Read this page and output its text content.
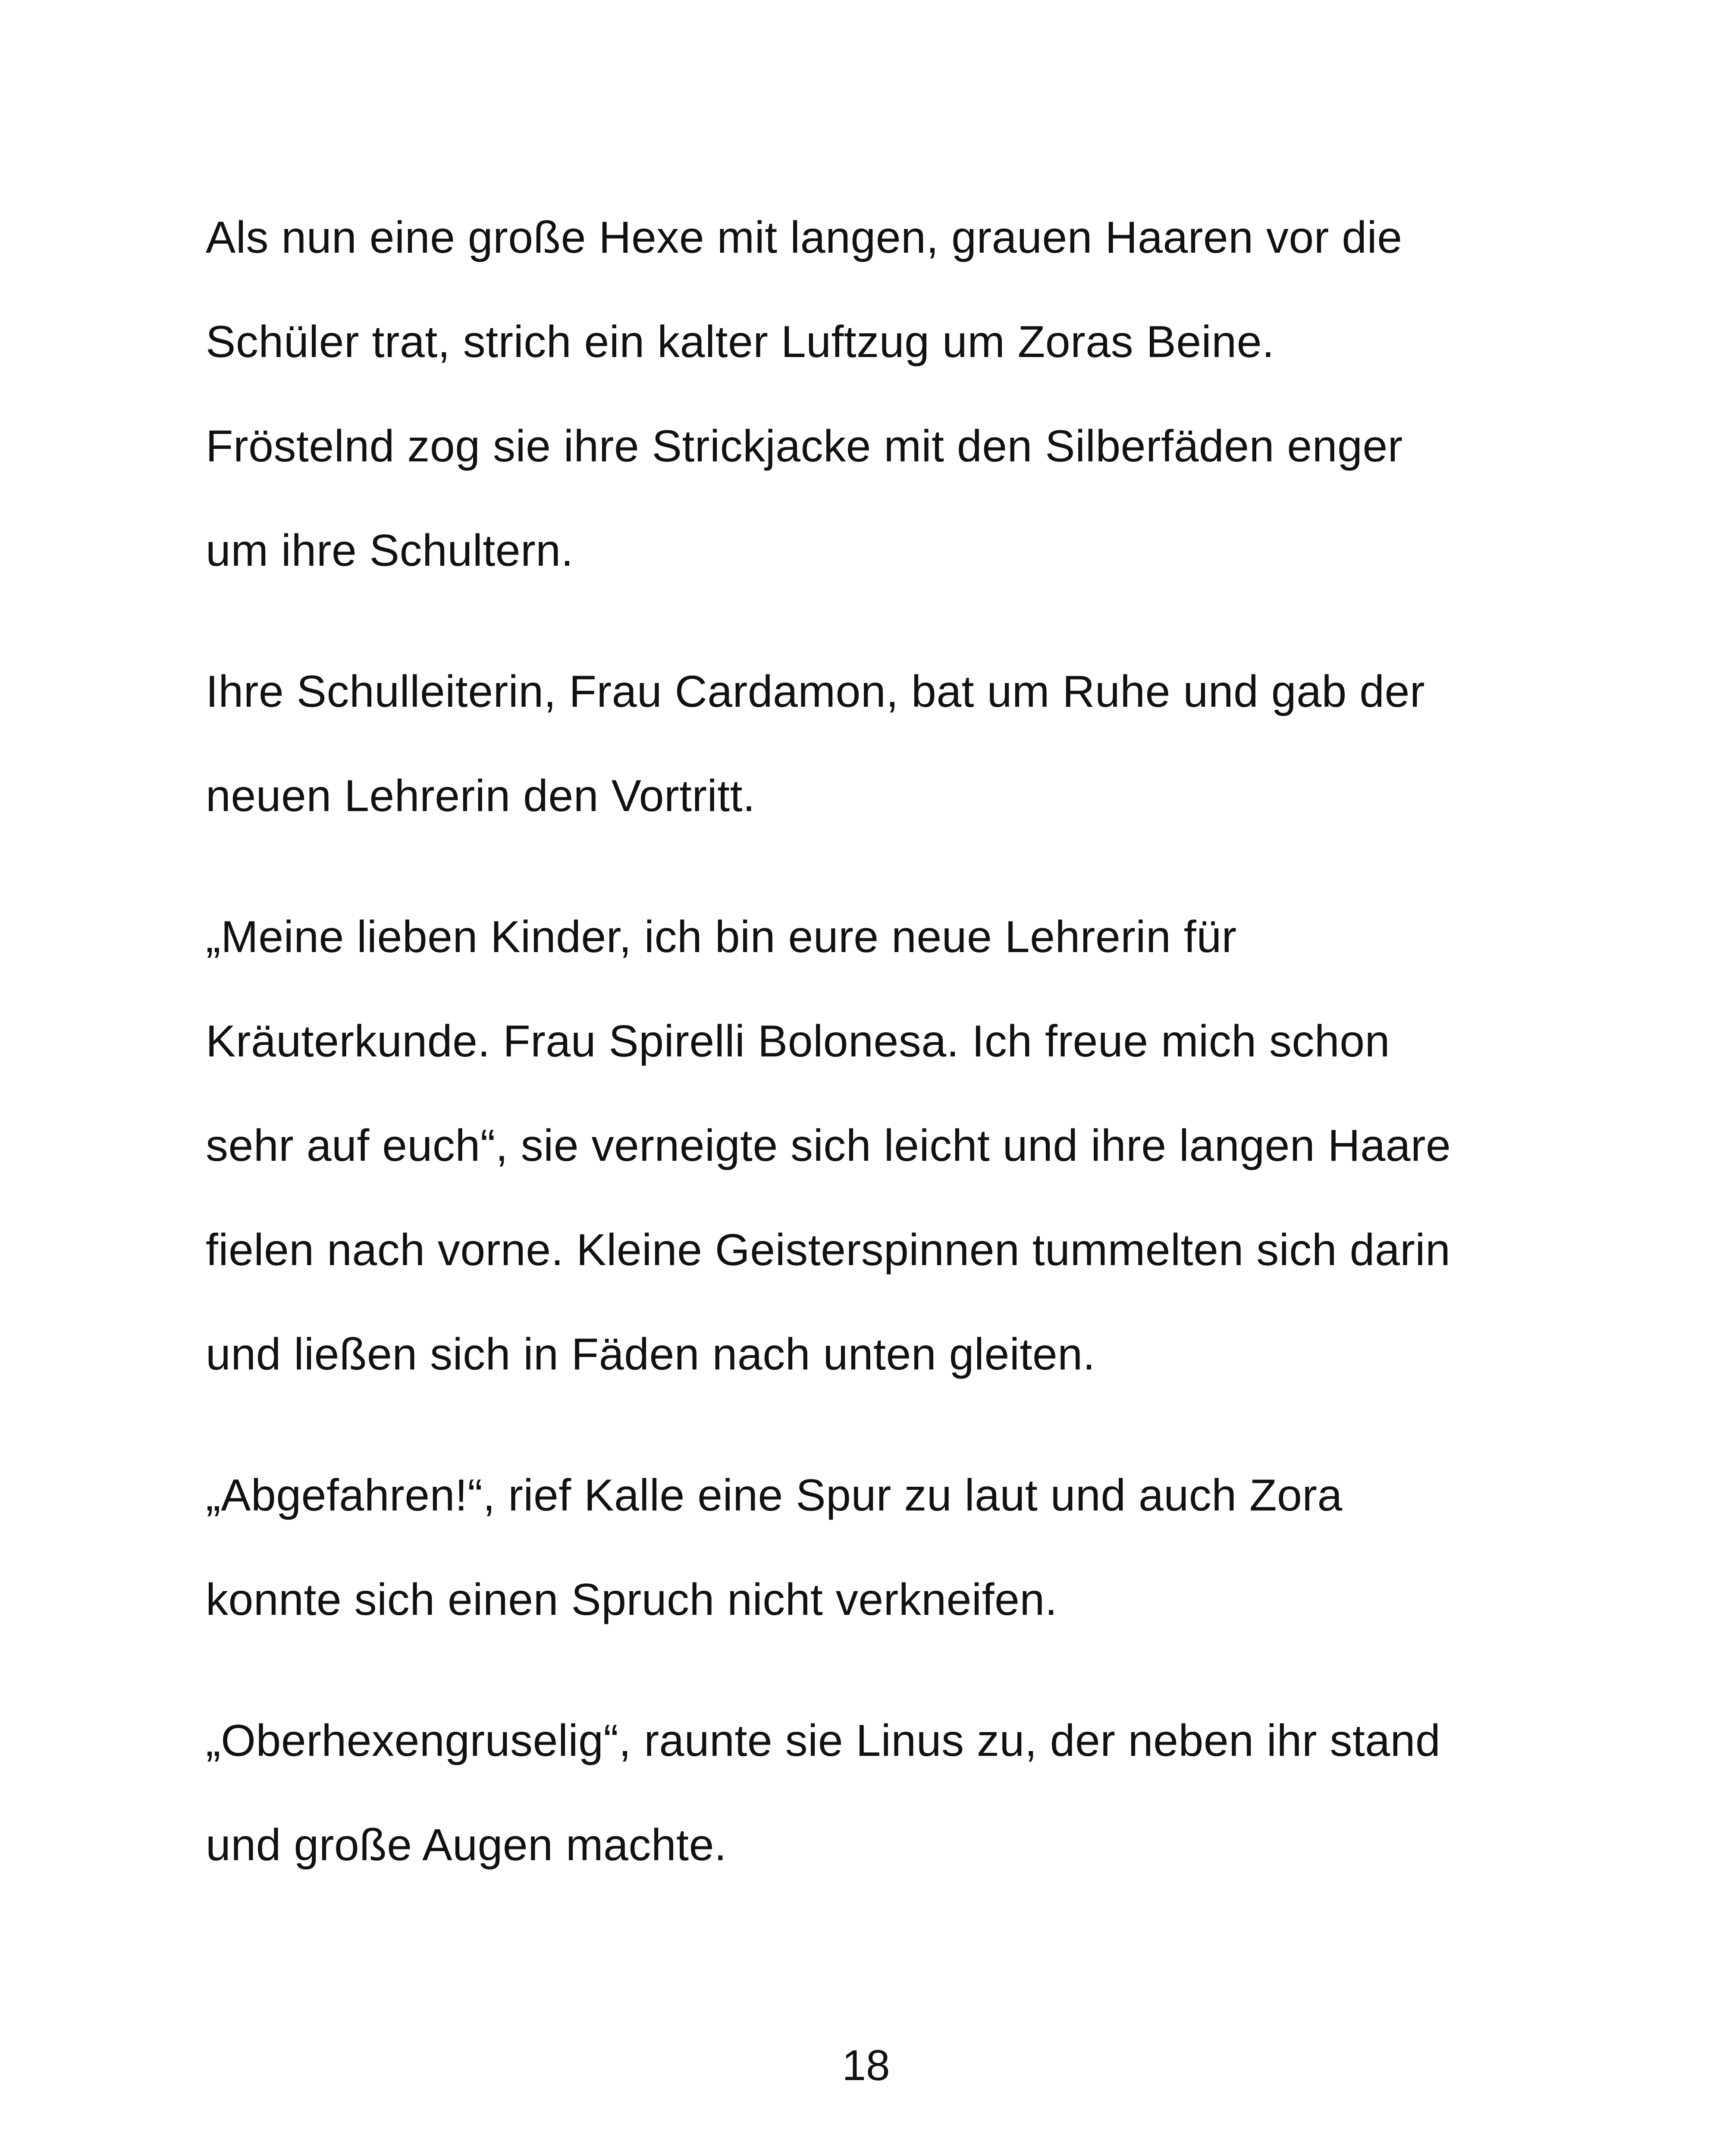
Als nun eine große Hexe mit langen, grauen Haaren vor die
Schüler trat, strich ein kalter Luftzug um Zoras Beine.
Fröstelnd zog sie ihre Strickjacke mit den Silberfäden enger
um ihre Schultern.

Ihre Schulleiterin, Frau Cardamon, bat um Ruhe und gab der
neuen Lehrerin den Vortritt.

„Meine lieben Kinder, ich bin eure neue Lehrerin für
Kräuterkunde. Frau Spirelli Bolonesa. Ich freue mich schon
sehr auf euch“, sie verneigte sich leicht und ihre langen Haare
fielen nach vorne. Kleine Geisterspinnen tummelten sich darin
und ließen sich in Fäden nach unten gleiten.

„Abgefahren!“, rief Kalle eine Spur zu laut und auch Zora
konnte sich einen Spruch nicht verkneifen.

„Oberhexengruselig“, raunte sie Linus zu, der neben ihr stand
und große Augen machte.

18
